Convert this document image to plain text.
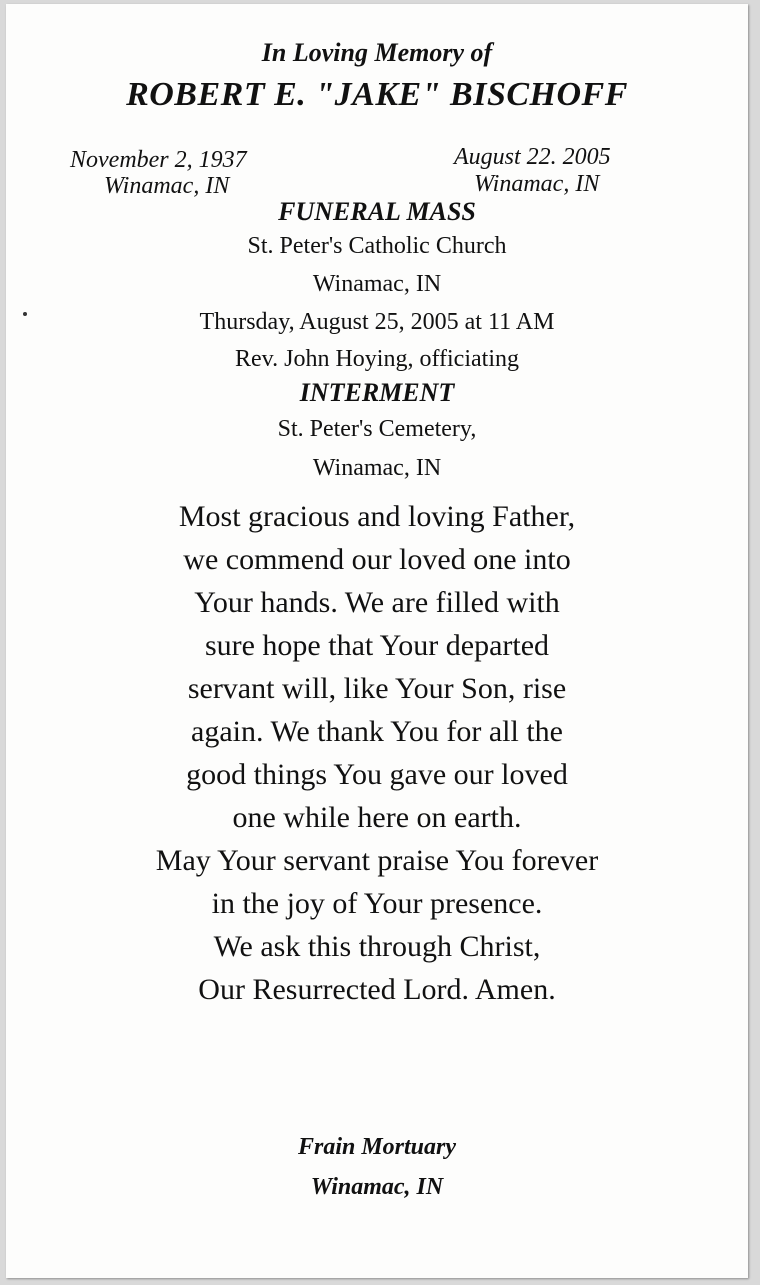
In Loving Memory of
ROBERT E. "JAKE" BISCHOFF
November 2, 1937
Winamac, IN
August 22. 2005
Winamac, IN
FUNERAL MASS
St. Peter's Catholic Church
Winamac, IN
Thursday, August 25, 2005 at 11 AM
Rev. John Hoying, officiating
INTERMENT
St. Peter's Cemetery,
Winamac, IN
Most gracious and loving Father,
we commend our loved one into
Your hands. We are filled with
sure hope that Your departed
servant will, like Your Son, rise
again. We thank You for all the
good things You gave our loved
one while here on earth.
May Your servant praise You forever
in the joy of Your presence.
We ask this through Christ,
Our Resurrected Lord. Amen.
Frain Mortuary
Winamac, IN
